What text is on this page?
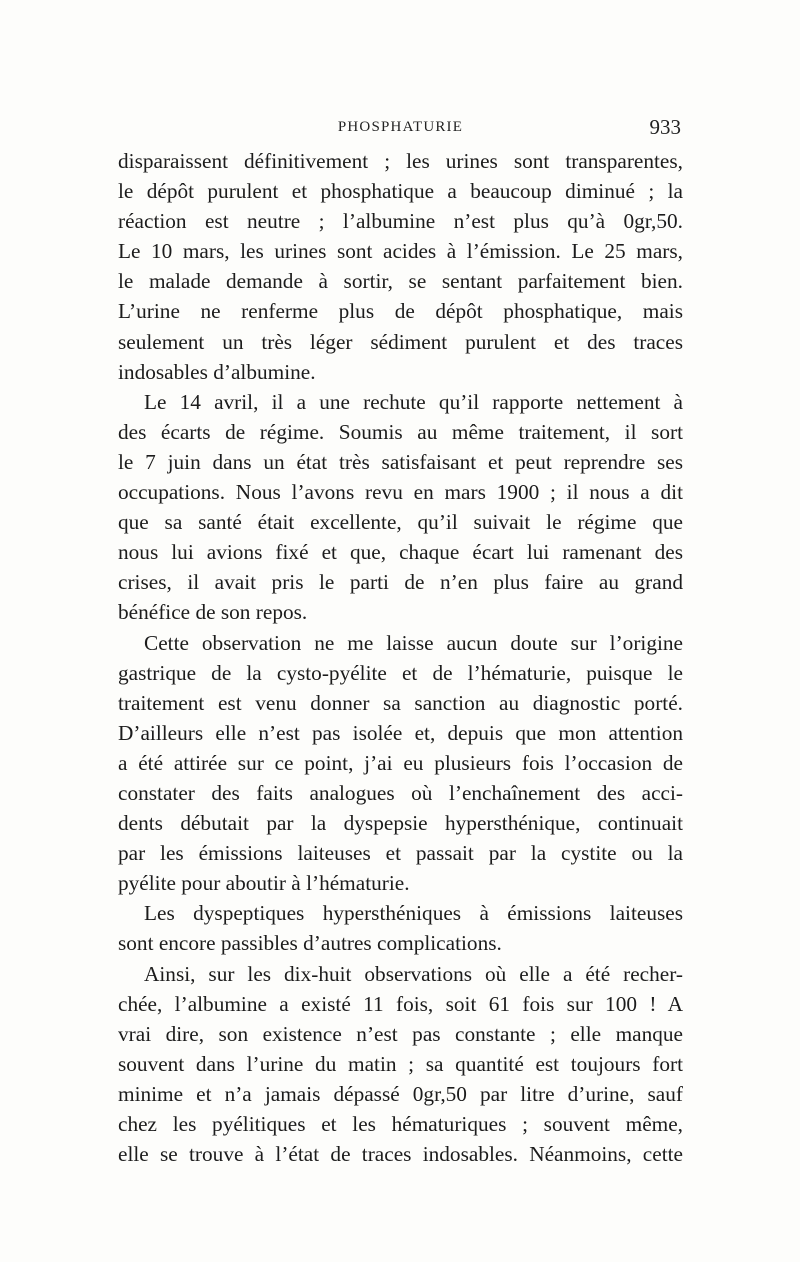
PHOSPHATURIE	933
disparaissent définitivement ; les urines sont transparentes,
le dépôt purulent et phosphatique a beaucoup diminué ; la
réaction est neutre ; l’albumine n’est plus qu’à 0gr,50.
Le 10 mars, les urines sont acides à l’émission. Le 25 mars,
le malade demande à sortir, se sentant parfaitement bien.
L’urine ne renferme plus de dépôt phosphatique, mais
seulement un très léger sédiment purulent et des traces
indosables d’albumine.
Le 14 avril, il a une rechute qu’il rapporte nettement à
des écarts de régime. Soumis au même traitement, il sort
le 7 juin dans un état très satisfaisant et peut reprendre ses
occupations. Nous l’avons revu en mars 1900 ; il nous a dit
que sa santé était excellente, qu’il suivait le régime que
nous lui avions fixé et que, chaque écart lui ramenant des
crises, il avait pris le parti de n’en plus faire au grand
bénéfice de son repos.
Cette observation ne me laisse aucun doute sur l’origine
gastrique de la cysto-pyélite et de l’hématurie, puisque le
traitement est venu donner sa sanction au diagnostic porté.
D’ailleurs elle n’est pas isolée et, depuis que mon attention
a été attirée sur ce point, j’ai eu plusieurs fois l’occasion de
constater des faits analogues où l’enchaînement des acci-
dents débutait par la dyspepsie hypersthénique, continuait
par les émissions laiteuses et passait par la cystite ou la
pyélite pour aboutir à l’hématurie.
Les dyspeptiques hypersthéniques à émissions laiteuses
sont encore passibles d’autres complications.
Ainsi, sur les dix-huit observations où elle a été recher-
chée, l’albumine a existé 11 fois, soit 61 fois sur 100 ! A
vrai dire, son existence n’est pas constante ; elle manque
souvent dans l’urine du matin ; sa quantité est toujours fort
minime et n’a jamais dépassé 0gr,50 par litre d’urine, sauf
chez les pyélitiques et les hématuriques ; souvent même,
elle se trouve à l’état de traces indosables. Néanmoins, cette
